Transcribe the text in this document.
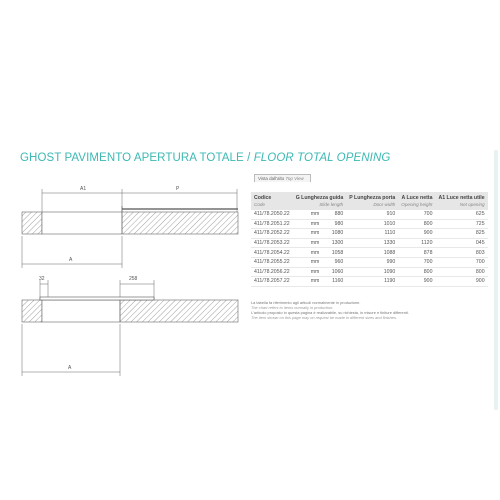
GHOST PAVIMENTO APERTURA TOTALE / FLOOR TOTAL OPENING
A1	P
A
32	258
A
Vista dall'alto Top View
Codice	G Lunghezza guida		P Lunghezza porta	A Luce netta	A1 Luce netta utile
Code	Slide length		Door width	Opening height	Net opening
411/78.2050.22	mm	880	910	700	625
411/78.2051.22	mm	980	1010	800	725
411/78.2052.22	mm	1080	1110	900	825
411/78.2053.22	mm	1300	1330	1120	045
411/78.2054.22	mm	1058	1088	878	803
411/78.2055.22	mm	960	990	700	700
411/78.2056.22	mm	1060	1090	800	800
411/78.2057.22	mm	1160	1190	900	900
La tabella fa riferimento agli articoli normalmente in produzione.
The chart refers to items normally in production.
L'articolo proposto in questa pagina è realizzabile, su richiesta, in misure e finiture differenti.
The item shown on this page may on request be made in different sizes and finishes.
